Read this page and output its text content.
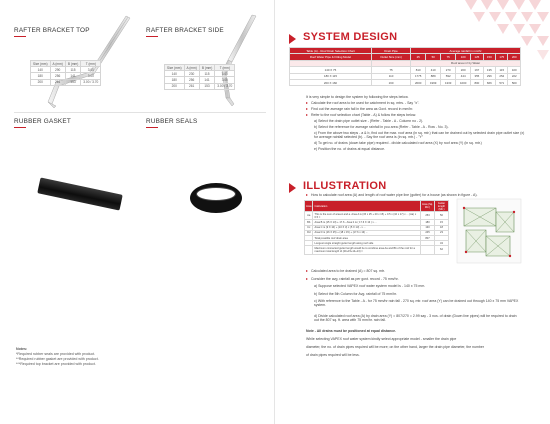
RAFTER BRACKET TOP	RAFTER BRACKET SIDE
Size (mm)	A (mm)	B (mm)	T (mm)
140	290	115	3.00
180	256	141	3.00
200	261	153	3.00 / 3.70
Size (mm)	A (mm)	B (mm)	T (mm)
140	230	115	3.00
180	256	141	3.00
200	261	153	3.00 / 3.70
RUBBER GASKET	RUBBER SEALS
Notes:
*Required rubber seals are provided with product.
**Required rubber gasket are provided with product.
***Required top bracket are provided with product.
SYSTEM DESIGN
Table (A) - Roof Drain Selection Chart	Drain Pipe	Average rainfall in mm/hr							
Roof Water Pipe & Fitting Model	Outlet Size (mm)	25	50	75	100	125	150	175	200
		Roof area m² by Water							
140 X 75	75	810	410	270	200	167	135	115	100
180 X 115	110	1775	889	592	444	355	296	254	222
200 X 160	160	2000	1999	1333	1000	800	666	571	500
It is very simple to design the system by following the steps below.
Calculate the roof area to be used for catchment in sq. mtrs. - Say "x".
Find out the average rain fall in the area as Govt. record in mm/hr.
Refer to the roof selection chart (Table - A) & follow the steps below.
a) Select the drain pipe outlet size - (Refer - Table - A - Column no - 2).
b) Select the reference for average rainfall in you area (Refer - Table - A - Row - No. 3).
c) From the above two steps - a & b, find out the max. roof area (in sq. mtr.) that can be drained out by selected drain pipe outlet size (x) for average rainfall selected (b). - Say the roof area is (in sq. mtr.) - "Y"
d) To get no. of drains (down take pipe) required - divide calculated roof area (X) by roof area (Y) (in sq. mtr.)
e) Position the no. of drains at equal distance.
ILLUSTRATION
How to calculate roof area (A) and length of roof water pipe line (gutter) for a house (as shown in figure - A).
Area	Calculation	Area (Sq. Mtr.)	Gutter length (Mtr.)
Aa	This is the sum of area A and a. Area A is (15 x 25 + 20 x 15) + 0.5 x (10 x 17) x ... (Aa) x 0.5 =	253	50
Bb	Area B is (15 X 13) + 17.6 - Area b is ( 17.6 X 13 ) x ...	180	15
Cc	Area C is (9 X 10) + (10 X 3) x (5 X 13) - x ...	130	18
Dd	Area D is (16 X 25) + (18 x 15) + (17.6 x 13) ...	245	23
	Total possible roof drain area	807	
	Longest single straight gutter length along roof side		34
	Maximum connected gutter length would be to combine area Aa and Bb of the roof for a maximum total length of (20+15+14+13) =		62
Calculated area to be drained (A) = 807 sq. mtr.
Consider the avg. rainfall as per govt. record - 75 mm/hr.
a) Suppose selected VAPEX roof water system model is - 140 x 75 mm.
b) Select the 5th Column for Avg. rainfall of 75 mm/hr.
c) With reference to the Table - A - for 75 mm/hr rain fall - 270 sq. mtr. roof area (Y) can be drained out through 140 x 75 mm VAPEX system.
d) Divide calculated roof area (A) by drain area (Y) = 807/270 = 2.99 say - 3 nos. of drain (Down line pipes) will be required to drain out the 807 sq. ft. area with 75 mm/hr. rain fall.
Note - All drains must be positioned at equal distance.
While selecting VAPEX roof water system kindly select appropriate model - smaller the drain pipe
diameter, the no. of drain pipes required will be more; on the other hand, larger the drain pipe diameter, the number
of drain pipes required will be less.
